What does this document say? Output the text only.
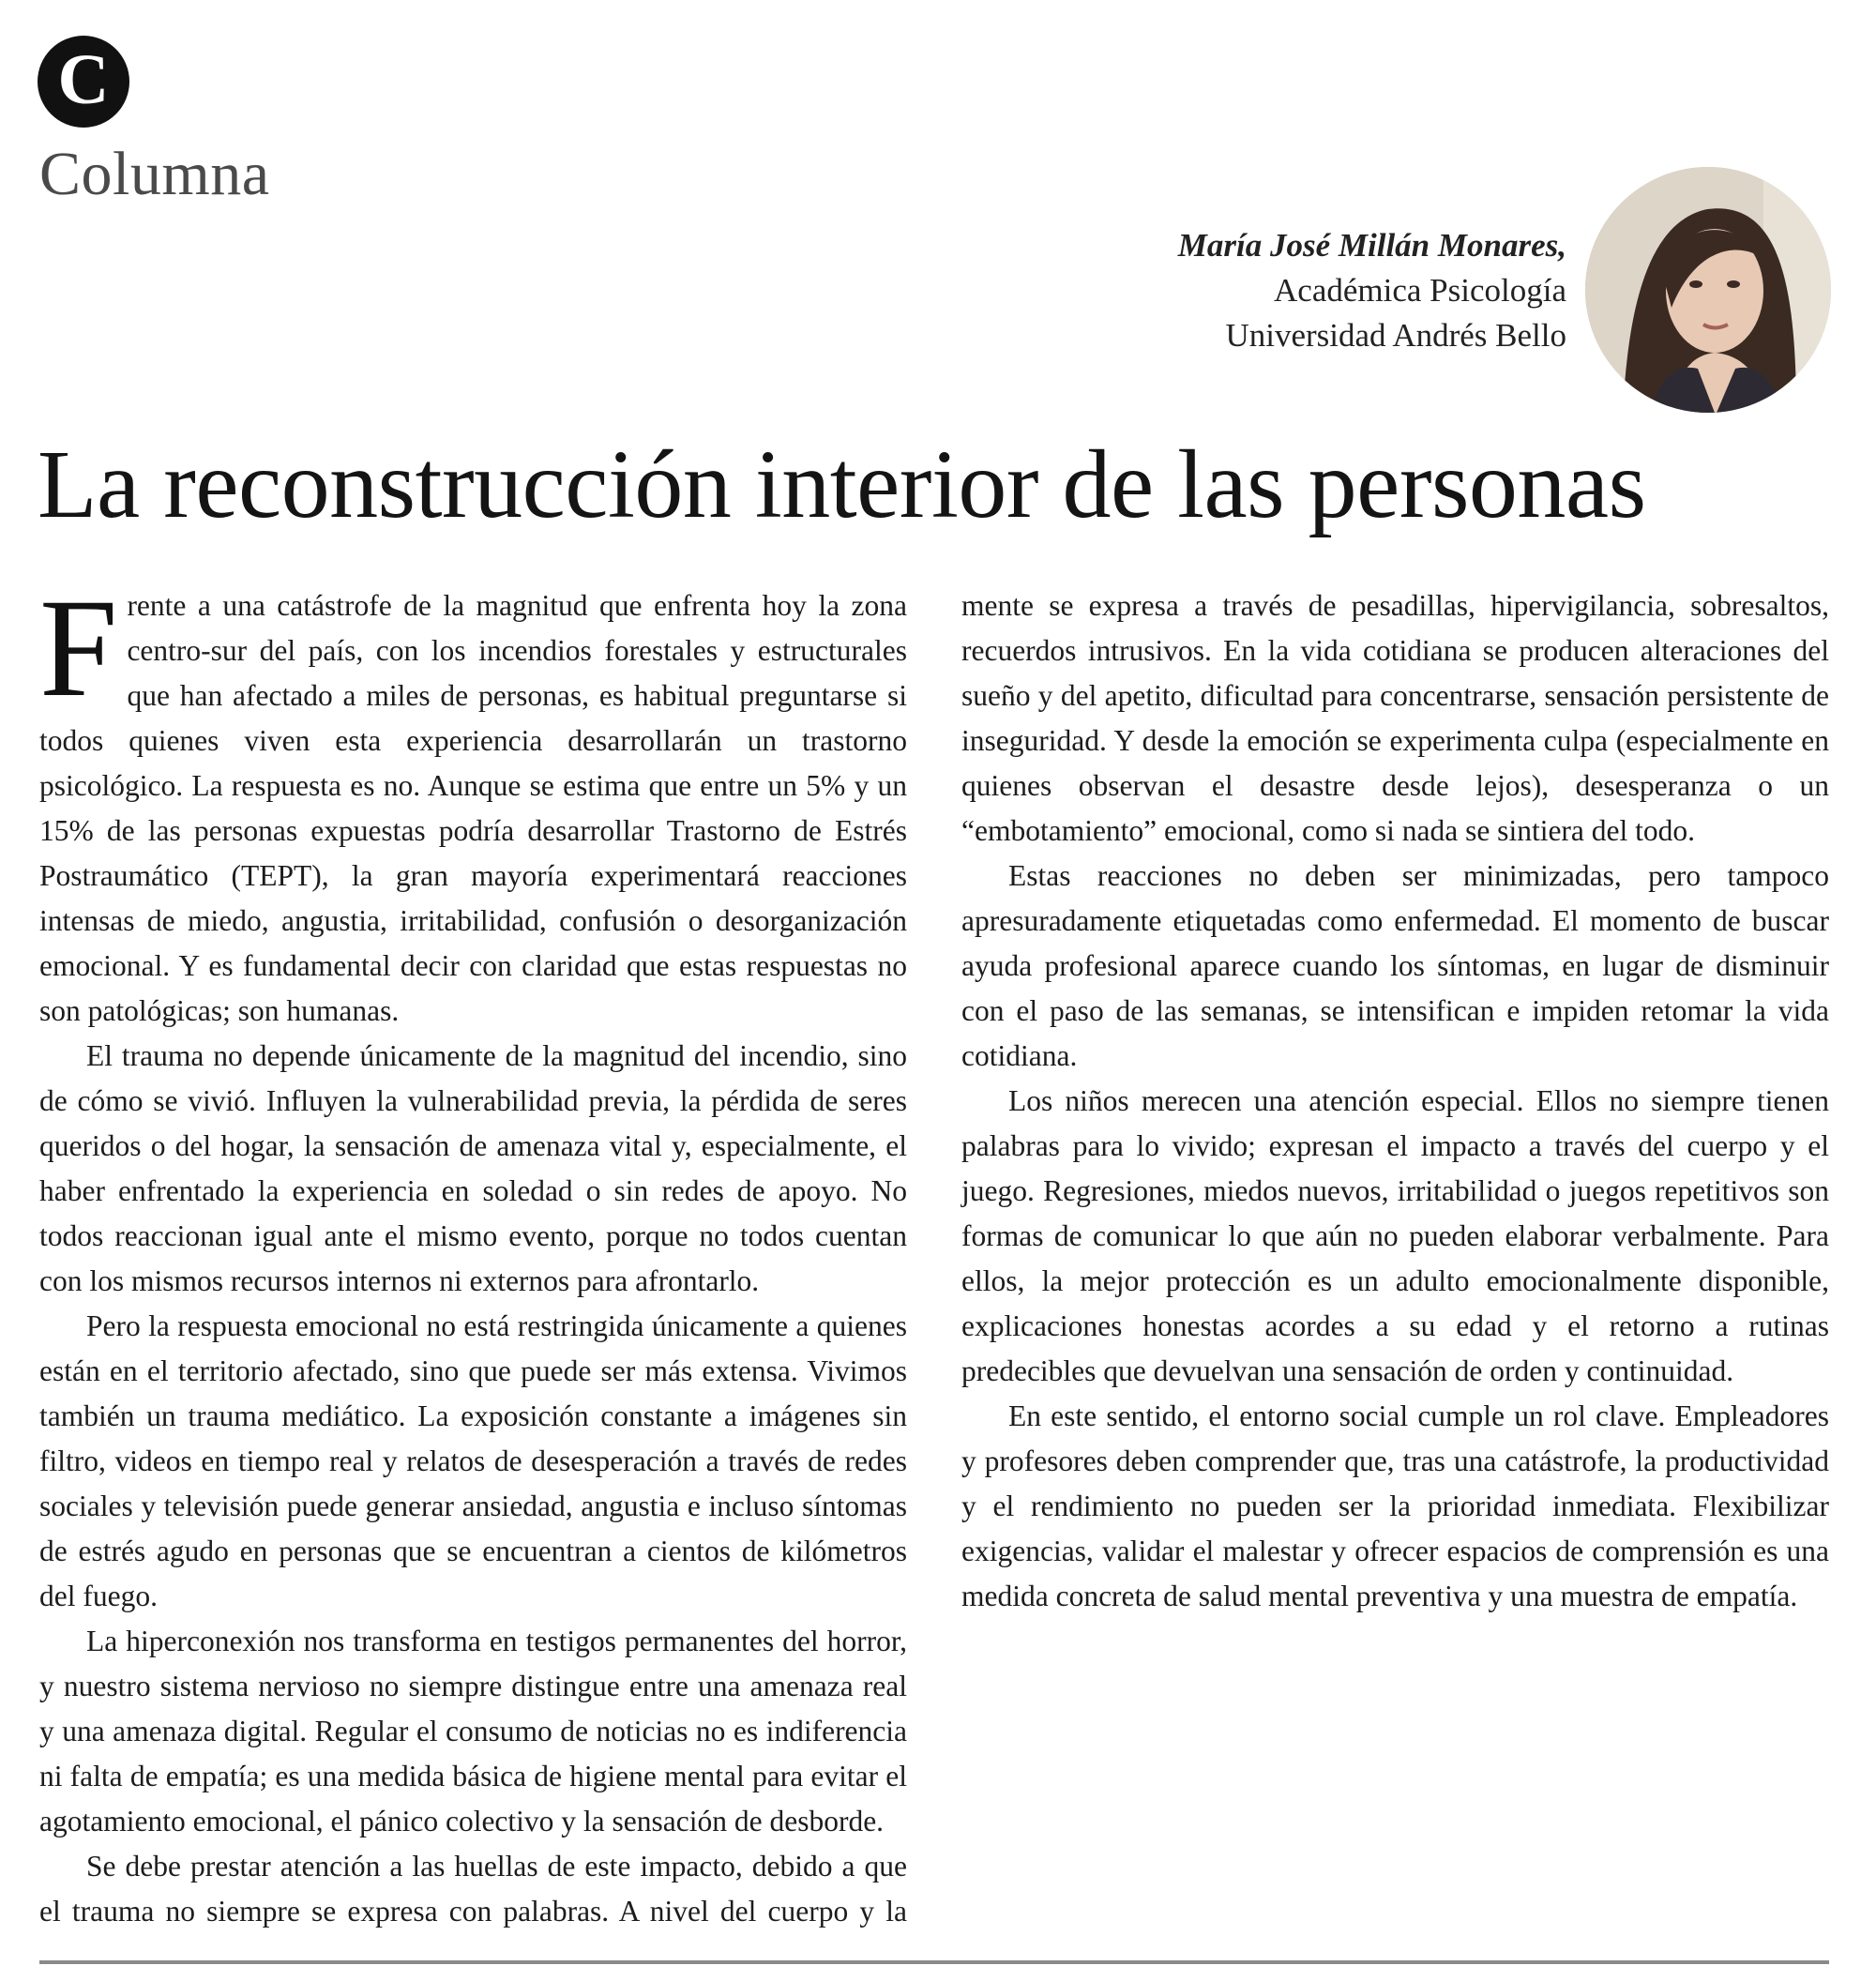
C
Columna
María José Millán Monares,
Académica Psicología
Universidad Andrés Bello
La reconstrucción interior de las personas

Frente a una catástrofe de la magnitud que enfrenta hoy la zona centro-sur del país, con los incendios forestales y estructurales que han afectado a miles de personas, es habitual preguntarse si todos quienes viven esta experiencia desarrollarán un trastorno psicológico. La respuesta es no. Aunque se estima que entre un 5% y un 15% de las personas expuestas podría desarrollar Trastorno de Estrés Postraumático (TEPT), la gran mayoría experimentará reacciones intensas de miedo, angustia, irritabilidad, confusión o desorganización emocional. Y es fundamental decir con claridad que estas respuestas no son patológicas; son humanas.

El trauma no depende únicamente de la magnitud del incendio, sino de cómo se vivió. Influyen la vulnerabilidad previa, la pérdida de seres queridos o del hogar, la sensación de amenaza vital y, especialmente, el haber enfrentado la experiencia en soledad o sin redes de apoyo. No todos reaccionan igual ante el mismo evento, porque no todos cuentan con los mismos recursos internos ni externos para afrontarlo.

Pero la respuesta emocional no está restringida únicamente a quienes están en el territorio afectado, sino que puede ser más extensa. Vivimos también un trauma mediático. La exposición constante a imágenes sin filtro, videos en tiempo real y relatos de desesperación a través de redes sociales y televisión puede generar ansiedad, angustia e incluso síntomas de estrés agudo en personas que se encuentran a cientos de kilómetros del fuego.

La hiperconexión nos transforma en testigos permanentes del horror, y nuestro sistema nervioso no siempre distingue entre una amenaza real y una amenaza digital. Regular el consumo de noticias no es indiferencia ni falta de empatía; es una medida básica de higiene mental para evitar el agotamiento emocional, el pánico colectivo y la sensación de desborde.

Se debe prestar atención a las huellas de este impacto, debido a que el trauma no siempre se expresa con palabras. A nivel del cuerpo y la mente se expresa a través de pesadillas, hipervigilancia, sobresaltos, recuerdos intrusivos. En la vida cotidiana se producen alteraciones del sueño y del apetito, dificultad para concentrarse, sensación persistente de inseguridad. Y desde la emoción se experimenta culpa (especialmente en quienes observan el desastre desde lejos), desesperanza o un “embotamiento” emocional, como si nada se sintiera del todo.

Estas reacciones no deben ser minimizadas, pero tampoco apresuradamente etiquetadas como enfermedad. El momento de buscar ayuda profesional aparece cuando los síntomas, en lugar de disminuir con el paso de las semanas, se intensifican e impiden retomar la vida cotidiana.

Los niños merecen una atención especial. Ellos no siempre tienen palabras para lo vivido; expresan el impacto a través del cuerpo y el juego. Regresiones, miedos nuevos, irritabilidad o juegos repetitivos son formas de comunicar lo que aún no pueden elaborar verbalmente. Para ellos, la mejor protección es un adulto emocionalmente disponible, explicaciones honestas acordes a su edad y el retorno a rutinas predecibles que devuelvan una sensación de orden y continuidad.

En este sentido, el entorno social cumple un rol clave. Empleadores y profesores deben comprender que, tras una catástrofe, la productividad y el rendimiento no pueden ser la prioridad inmediata. Flexibilizar exigencias, validar el malestar y ofrecer espacios de comprensión es una medida concreta de salud mental preventiva y una muestra de empatía.
